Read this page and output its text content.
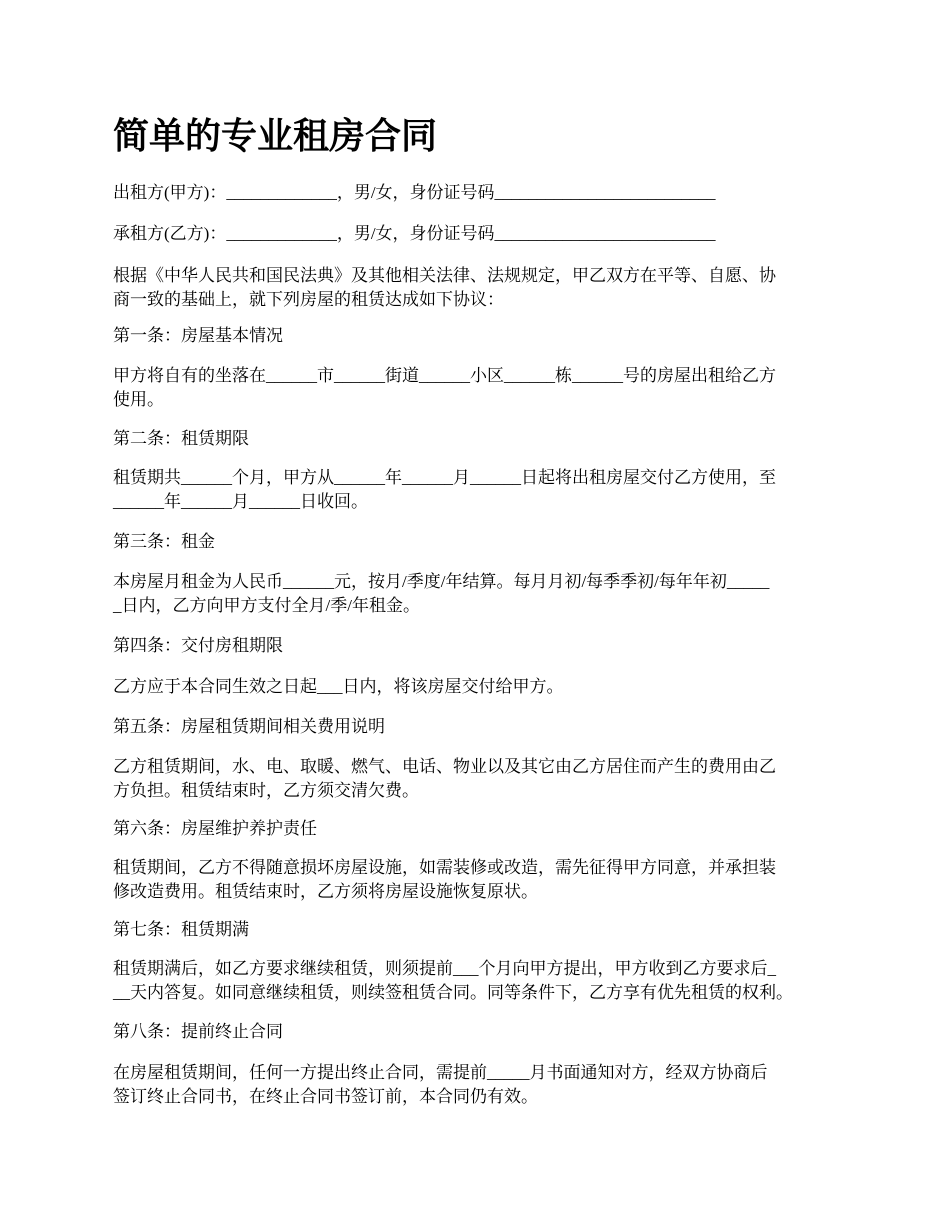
简单的专业租房合同

出租方(甲方)：_____________，男/女，身份证号码__________________________

承租方(乙方)：_____________，男/女，身份证号码__________________________

根据《中华人民共和国民法典》及其他相关法律、法规规定，甲乙双方在平等、自愿、协
商一致的基础上，就下列房屋的租赁达成如下协议：

第一条：房屋基本情况

甲方将自有的坐落在______市______街道______小区______栋______号的房屋出租给乙方
使用。

第二条：租赁期限

租赁期共______个月，甲方从______年______月______日起将出租房屋交付乙方使用，至
______年______月______日收回。

第三条：租金

本房屋月租金为人民币______元，按月/季度/年结算。每月月初/每季季初/每年年初_____
_日内，乙方向甲方支付全月/季/年租金。

第四条：交付房租期限

乙方应于本合同生效之日起___日内，将该房屋交付给甲方。

第五条：房屋租赁期间相关费用说明

乙方租赁期间，水、电、取暖、燃气、电话、物业以及其它由乙方居住而产生的费用由乙
方负担。租赁结束时，乙方须交清欠费。

第六条：房屋维护养护责任

租赁期间，乙方不得随意损坏房屋设施，如需装修或改造，需先征得甲方同意，并承担装
修改造费用。租赁结束时，乙方须将房屋设施恢复原状。

第七条：租赁期满

租赁期满后，如乙方要求继续租赁，则须提前___个月向甲方提出，甲方收到乙方要求后_
__天内答复。如同意继续租赁，则续签租赁合同。同等条件下，乙方享有优先租赁的权利。

第八条：提前终止合同

在房屋租赁期间，任何一方提出终止合同，需提前_____月书面通知对方，经双方协商后
签订终止合同书，在终止合同书签订前，本合同仍有效。
